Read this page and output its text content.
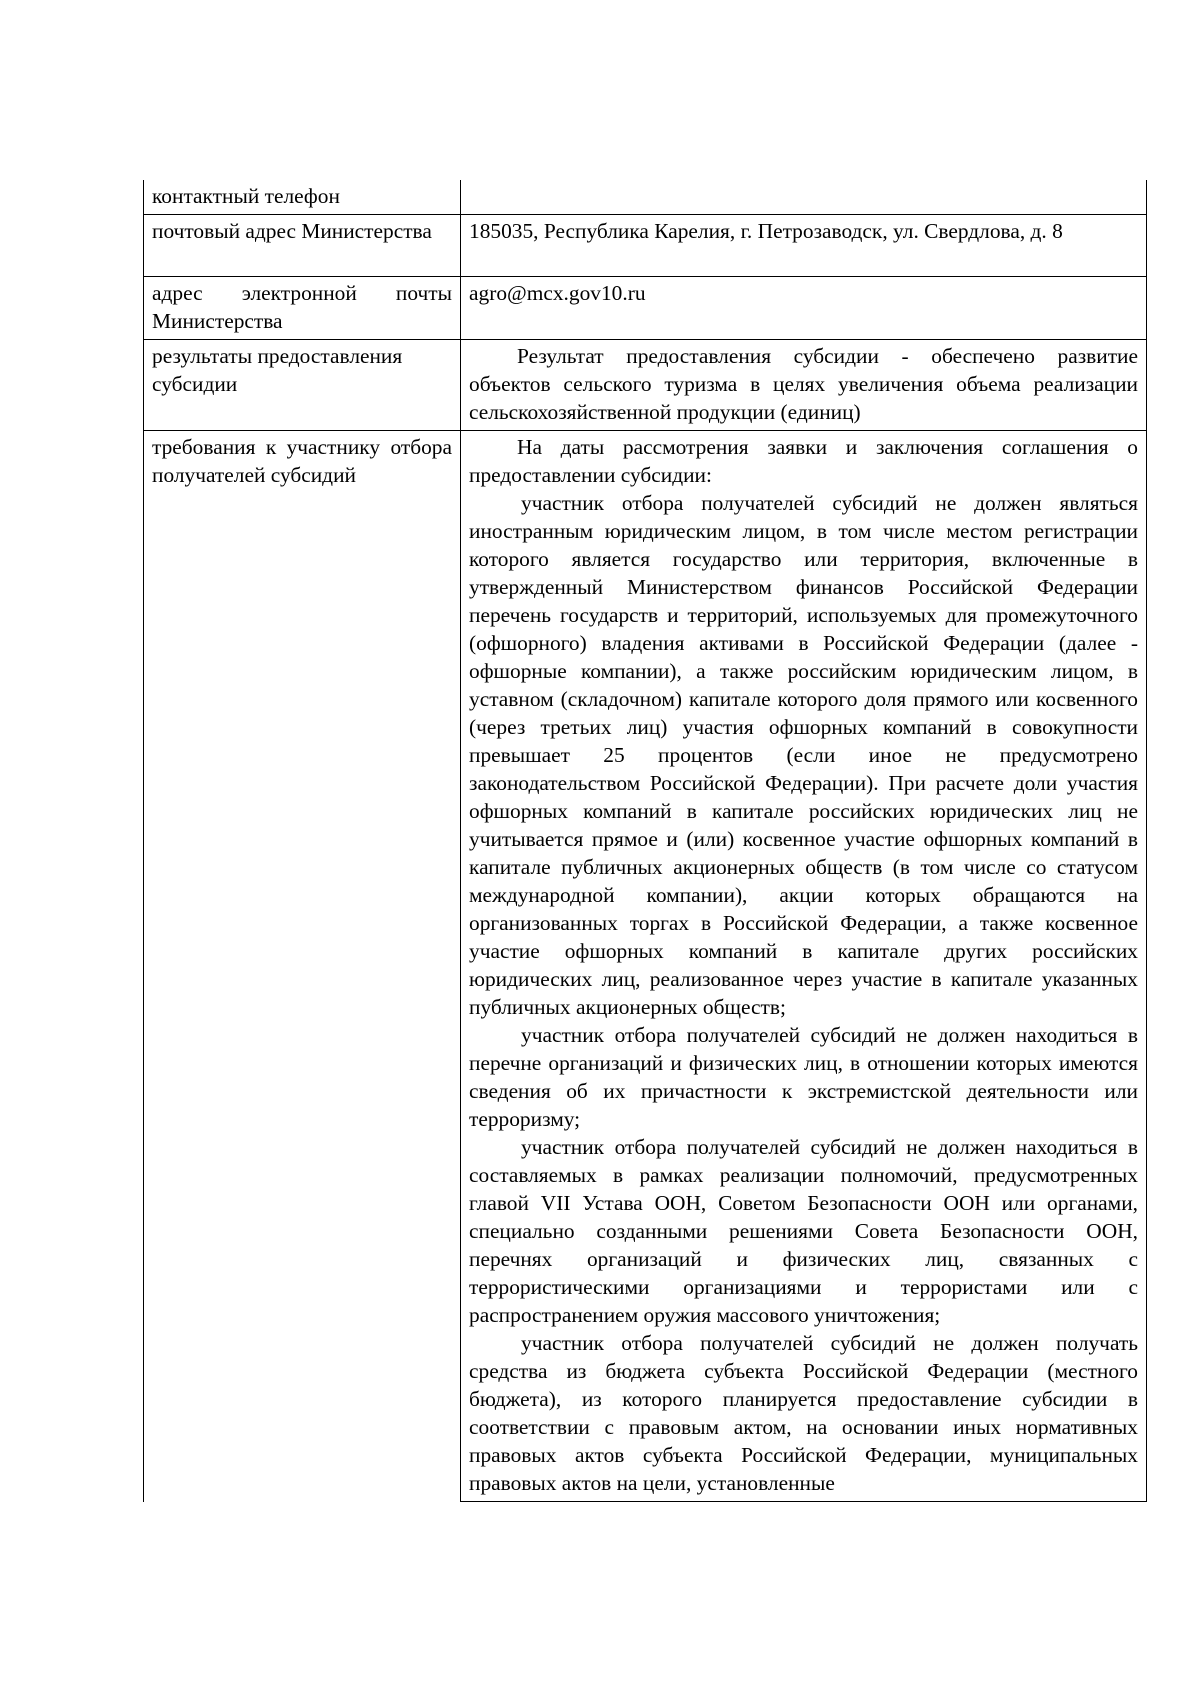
контактный телефон	
почтовый адрес Министерства	185035, Республика Карелия, г. Петрозаводск, ул. Свердлова, д. 8
адрес электронной почты Министерства	agro@mcx.gov10.ru
результаты предоставления субсидии	Результат предоставления субсидии - обеспечено развитие объектов сельского туризма в целях увеличения объема реализации сельскохозяйственной продукции (единиц)

требования к участнику отбора получателей субсидий	На даты рассмотрения заявки и заключения соглашения о предоставлении субсидии:

участник отбора получателей субсидий не должен являться иностранным юридическим лицом, в том числе местом регистрации которого является государство или территория, включенные в утвержденный Министерством финансов Российской Федерации перечень государств и территорий, используемых для промежуточного (офшорного) владения активами в Российской Федерации (далее - офшорные компании), а также российским юридическим лицом, в уставном (складочном) капитале которого доля прямого или косвенного (через третьих лиц) участия офшорных компаний в совокупности превышает 25 процентов (если иное не предусмотрено законодательством Российской Федерации). При расчете доли участия офшорных компаний в капитале российских юридических лиц не учитывается прямое и (или) косвенное участие офшорных компаний в капитале публичных акционерных обществ (в том числе со статусом международной компании), акции которых обращаются на организованных торгах в Российской Федерации, а также косвенное участие офшорных компаний в капитале других российских юридических лиц, реализованное через участие в капитале указанных публичных акционерных обществ;

участник отбора получателей субсидий не должен находиться в перечне организаций и физических лиц, в отношении которых имеются сведения об их причастности к экстремистской деятельности или терроризму;

участник отбора получателей субсидий не должен находиться в составляемых в рамках реализации полномочий, предусмотренных главой VII Устава ООН, Советом Безопасности ООН или органами, специально созданными решениями Совета Безопасности ООН, перечнях организаций и физических лиц, связанных с террористическими организациями и террористами или с распространением оружия массового уничтожения;

участник отбора получателей субсидий не должен получать средства из бюджета субъекта Российской Федерации (местного бюджета), из которого планируется предоставление субсидии в соответствии с правовым актом, на основании иных нормативных правовых актов субъекта Российской Федерации, муниципальных правовых актов на цели, установленные
